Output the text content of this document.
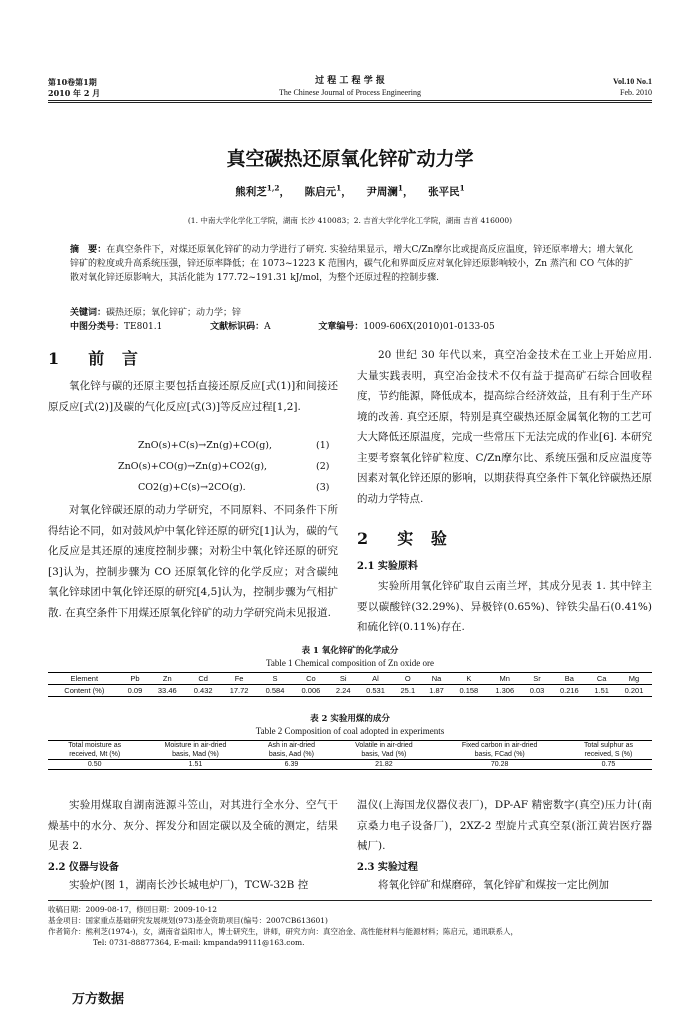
第10卷第1期
2010 年 2 月
过 程 工 程 学 报
The Chinese Journal of Process Engineering
Vol.10 No.1
Feb. 2010
真空碳热还原氧化锌矿动力学
熊利芝$^{1,2}$，    陈启元$^1$，    尹周澜$^1$，    张平民$^1$
(1. 中南大学化学化工学院，湖南 长沙 410083；2. 吉首大学化学化工学院，湖南 吉首 416000)
摘　要：在真空条件下，对煤还原氧化锌矿的动力学进行了研究. 实验结果显示，增大C/Zn摩尔比或提高反应温度，锌还原率增大；增大氧化锌矿的粒度或升高系统压强，锌还原率降低；在 1073~1223 K 范围内，碳气化和界面反应对氧化锌还原影响较小，Zn 蒸汽和 CO 气体的扩散对氧化锌还原影响大，其活化能为 177.72~191.31 kJ/mol，为整个还原过程的控制步骤.
关键词：碳热还原；氧化锌矿；动力学；锌
中图分类号：TE801.1	文献标识码：A	文章编号：1009-606X(2010)01-0133-05
1 前 言
氧化锌与碳的还原主要包括直接还原反应[式(1)]和间接还原反应[式(2)]及碳的气化反应[式(3)]等反应过程[1,2].
ZnO(s)+C(s)→Zn(g)+CO(g),	(1)
ZnO(s)+CO(g)→Zn(g)+CO2(g),	(2)
CO2(g)+C(s)→2CO(g).	(3)
对氧化锌碳还原的动力学研究，不同原料、不同条件下所得结论不同，如对鼓风炉中氧化锌还原的研究[1]认为，碳的气化反应是其还原的速度控制步骤；对粉尘中氧化锌还原的研究[3]认为，控制步骤为 CO 还原氧化锌的化学反应；对含碳纯氧化锌球团中氧化锌还原的研究[4,5]认为，控制步骤为气相扩散. 在真空条件下用煤还原氧化锌矿的动力学研究尚未见报道.
20 世纪 30 年代以来，真空冶金技术在工业上开始应用. 大量实践表明，真空冶金技术不仅有益于提高矿石综合回收程度，节约能源，降低成本，提高综合经济效益，且有利于生产环境的改善. 真空还原，特别是真空碳热还原金属氧化物的工艺可大大降低还原温度，完成一些常压下无法完成的作业[6]. 本研究主要考察氧化锌矿粒度、C/Zn摩尔比、系统压强和反应温度等因素对氧化锌还原的影响，以期获得真空条件下氧化锌碳热还原的动力学特点.
2 实 验
2.1 实验原料
实验所用氧化锌矿取自云南兰坪，其成分见表 1. 其中锌主要以碳酸锌(32.29%)、异极锌(0.65%)、锌铁尖晶石(0.41%)和硫化锌(0.11%)存在.
表 1 氧化锌矿的化学成分
Table 1 Chemical composition of Zn oxide ore
Element	Pb	Zn	Cd	Fe	S	Co	Si	Al	O	Na	K	Mn	Sr	Ba	Ca	Mg
Content (%)	0.09	33.46	0.432	17.72	0.584	0.006	2.24	0.531	25.1	1.87	0.158	1.306	0.03	0.216	1.51	0.201
表 2 实验用煤的成分
Table 2 Composition of coal adopted in experiments
Total moisture as	Moisture in air-dried	Ash in air-dried	Volatile in air-dried	Fixed carbon in air-dried	Total sulphur as
received, Mt (%)	basis, Mad (%)	basis, Aad (%)	basis, Vad (%)	basis, FCad (%)	received, S (%)
0.50	1.51	6.39	21.82	70.28	0.75
实验用煤取自湖南涟源斗笠山，对其进行全水分、空气干燥基中的水分、灰分、挥发分和固定碳以及全硫的测定，结果见表 2.
2.2 仪器与设备
实验炉(图 1，湖南长沙长城电炉厂)，TCW-32B 控
温仪(上海国龙仪器仪表厂)，DP-AF 精密数字(真空)压力计(南京桑力电子设备厂)，2XZ-2 型旋片式真空泵(浙江黄岩医疗器械厂).
2.3 实验过程
将氧化锌矿和煤磨碎，氧化锌矿和煤按一定比例加
收稿日期：2009-08-17，修回日期：2009-10-12
基金项目：国家重点基础研究发展规划(973)基金资助项目(编号：2007CB613601)
作者简介：熊利芝(1974-)，女，湖南省益阳市人，博士研究生，讲师，研究方向：真空冶金、高性能材料与能源材料；陈启元，通讯联系人，
Tel: 0731-88877364, E-mail: kmpanda99111@163.com.
万方数据
